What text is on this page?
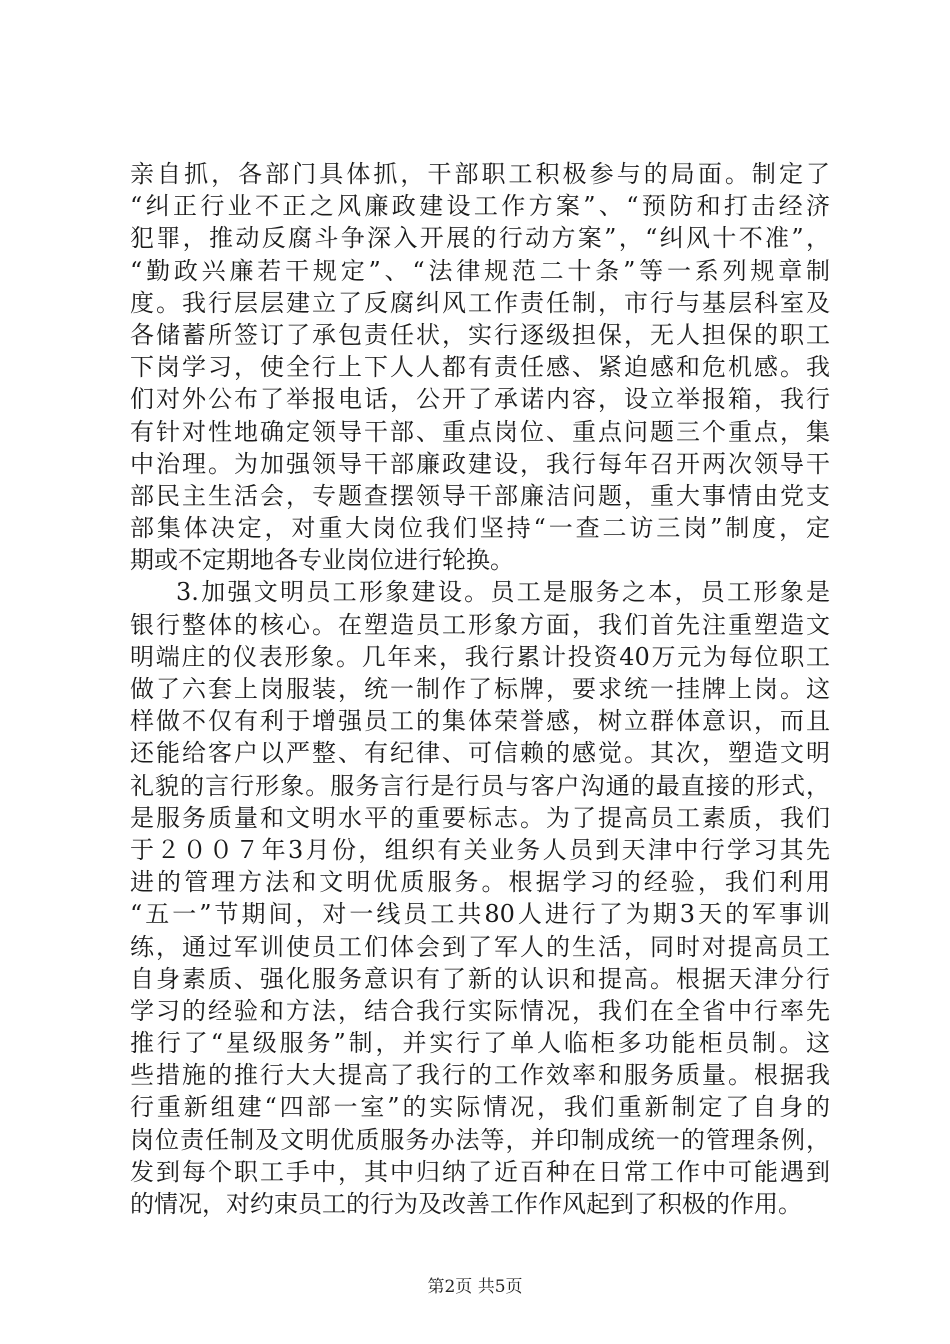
亲自抓，各部门具体抓，干部职工积极参与的局面。制定了
“纠正行业不正之风廉政建设工作方案”、“预防和打击经济
犯罪，推动反腐斗争深入开展的行动方案”，“纠风十不准”，
“勤政兴廉若干规定”、“法律规范二十条”等一系列规章制
度。我行层层建立了反腐纠风工作责任制，市行与基层科室及
各储蓄所签订了承包责任状，实行逐级担保，无人担保的职工
下岗学习，使全行上下人人都有责任感、紧迫感和危机感。我
们对外公布了举报电话，公开了承诺内容，设立举报箱，我行
有针对性地确定领导干部、重点岗位、重点问题三个重点，集
中治理。为加强领导干部廉政建设，我行每年召开两次领导干
部民主生活会，专题查摆领导干部廉洁问题，重大事情由党支
部集体决定，对重大岗位我们坚持“一查二访三岗”制度，定
期或不定期地各专业岗位进行轮换。
3.加强文明员工形象建设。员工是服务之本，员工形象是
银行整体的核心。在塑造员工形象方面，我们首先注重塑造文
明端庄的仪表形象。几年来，我行累计投资40万元为每位职工
做了六套上岗服装，统一制作了标牌，要求统一挂牌上岗。这
样做不仅有利于增强员工的集体荣誉感，树立群体意识，而且
还能给客户以严整、有纪律、可信赖的感觉。其次，塑造文明
礼貌的言行形象。服务言行是行员与客户沟通的最直接的形式，
是服务质量和文明水平的重要标志。为了提高员工素质，我们
于２００７年3月份，组织有关业务人员到天津中行学习其先
进的管理方法和文明优质服务。根据学习的经验，我们利用
“五一”节期间，对一线员工共80人进行了为期3天的军事训
练，通过军训使员工们体会到了军人的生活，同时对提高员工
自身素质、强化服务意识有了新的认识和提高。根据天津分行
学习的经验和方法，结合我行实际情况，我们在全省中行率先
推行了“星级服务”制，并实行了单人临柜多功能柜员制。这
些措施的推行大大提高了我行的工作效率和服务质量。根据我
行重新组建“四部一室”的实际情况，我们重新制定了自身的
岗位责任制及文明优质服务办法等，并印制成统一的管理条例，
发到每个职工手中，其中归纳了近百种在日常工作中可能遇到
的情况，对约束员工的行为及改善工作作风起到了积极的作用。
第2页 共5页
